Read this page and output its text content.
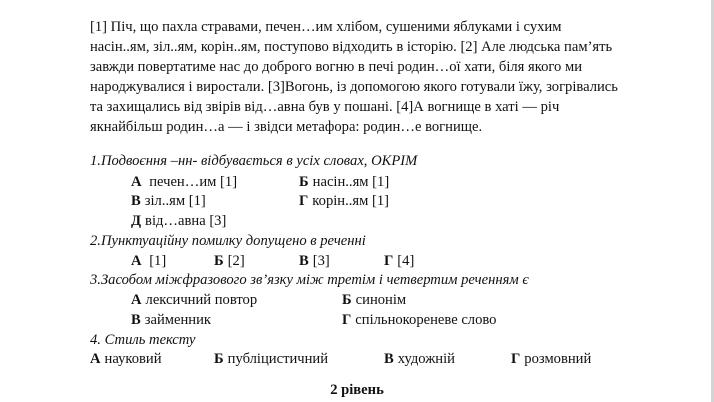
[1] Піч, що пахла стравами, печен…им хлібом, сушеними яблуками і сухим
насін..ям, зіл..ям, корін..ям, поступово відходить в історію. [2] Але людська пам’ять
завжди повертатиме нас до доброго вогню в печі родин…ої хати, біля якого ми
народжувалися і виростали. [3]Вогонь, із допомогою якого готували їжу, зогрівались
та захищались від звірів від…авна був у пошані. [4]А вогнище в хаті — річ
якнайбільш родин…а — і звідси метафора: родин…е вогнище.
1.Подвоєння –нн- відбувається в усіх словах, ОКРІМ
А печен…им [1]	Б насін..ям [1]
В зіл..ям [1]	Г корін..ям [1]
Д від…авна [3]
2.Пунктуаційну помилку допущено в реченні
А [1]	Б [2]	В [3]	Г [4]
3.Засобом міжфразового зв’язку між третім і четвертим реченням є
А лексичний повтор	Б синонім
В займенник	Г спільнокореневе слово
4. Стиль тексту
А науковий	Б публіцистичний	В художній	Г розмовний
2 рівень
